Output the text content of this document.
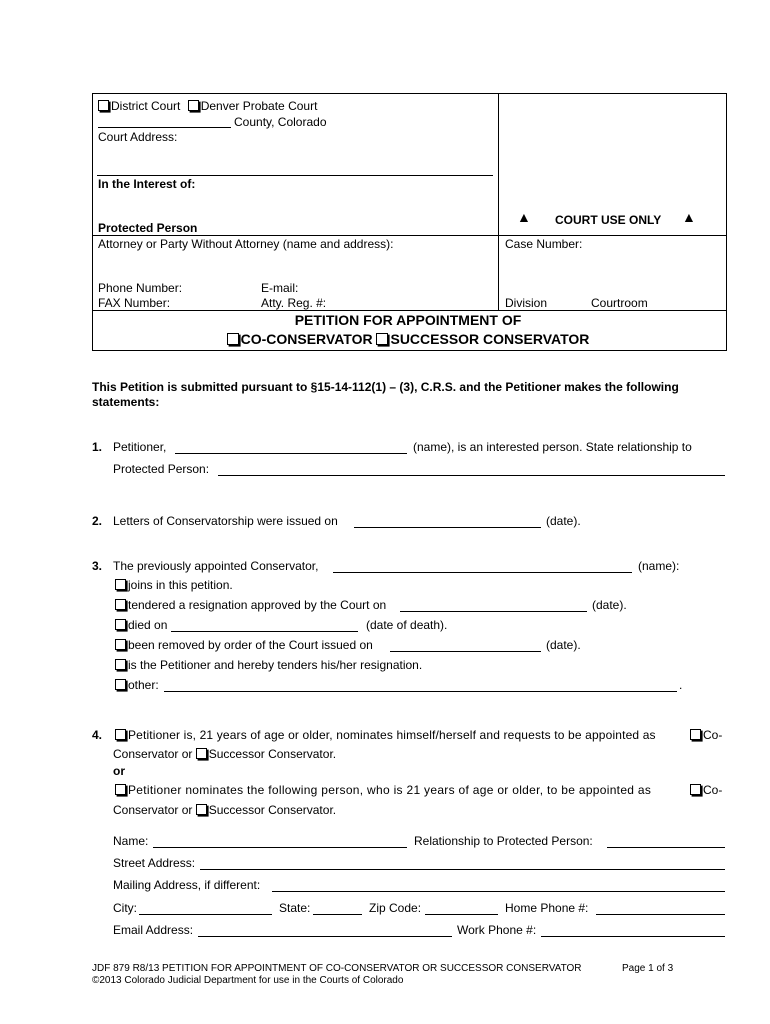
District Court Denver Probate Court
County, Colorado
Court Address:
In the Interest of:
Protected Person
▲ COURT USE ONLY ▲
Attorney or Party Without Attorney (name and address):
Phone Number:	E-mail:
FAX Number:	Atty. Reg. #:
Case Number:
Division	Courtroom
PETITION FOR APPOINTMENT OF
CO-CONSERVATOR SUCCESSOR CONSERVATOR
This Petition is submitted pursuant to §15-14-112(1) – (3), C.R.S. and the Petitioner makes the following
statements:
1. Petitioner,	(name), is an interested person. State relationship to
Protected Person:
2. Letters of Conservatorship were issued on	(date).
3. The previously appointed Conservator,	(name):
joins in this petition.
tendered a resignation approved by the Court on	(date).
died on	(date of death).
been removed by order of the Court issued on	(date).
is the Petitioner and hereby tenders his/her resignation.
other:	.
4.	Petitioner is, 21 years of age or older, nominates himself/herself and requests to be appointed as	Co-
Conservator or Successor Conservator.
or
Petitioner nominates the following person, who is 21 years of age or older, to be appointed as	Co-
Conservator or Successor Conservator.
Name:	Relationship to Protected Person:
Street Address:
Mailing Address, if different:
City:	State:	Zip Code:	Home Phone #:
Email Address:	Work Phone #:
JDF 879 R8/13 PETITION FOR APPOINTMENT OF CO-CONSERVATOR OR SUCCESSOR CONSERVATOR	Page 1 of 3
©2013 Colorado Judicial Department for use in the Courts of Colorado
